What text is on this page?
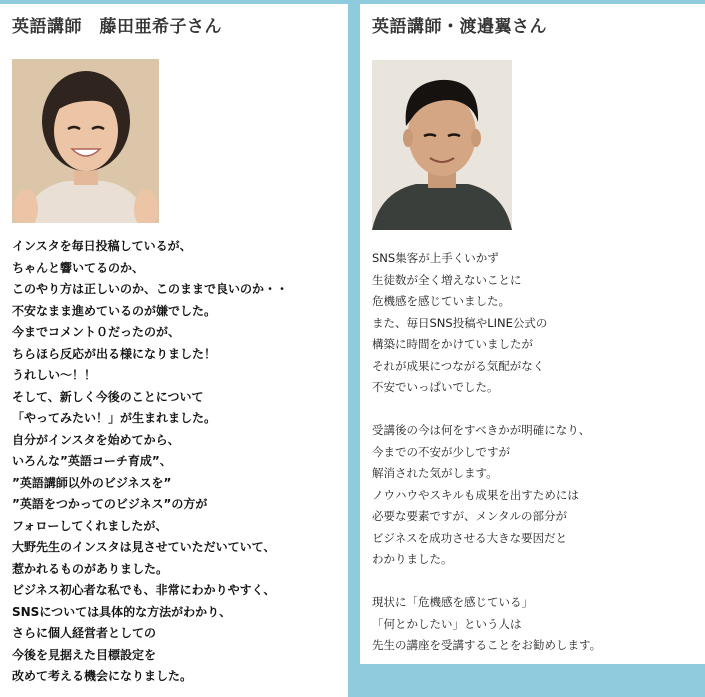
英語講師　藤田亜希子さん

インスタを毎日投稿しているが、
ちゃんと響いてるのか、
このやり方は正しいのか、このままで良いのか・・
不安なまま進めているのが嫌でした。
今までコメント０だったのが、
ちらほら反応が出る様になりました！
うれしい～！！
そして、新しく今後のことについて
「やってみたい！」が生まれました。
自分がインスタを始めてから、
いろんな”英語コーチ育成”、
”英語講師以外のビジネスを”
”英語をつかってのビジネス”の方が
フォローしてくれましたが、
大野先生のインスタは見させていただいていて、
惹かれるものがありました。
ビジネス初心者な私でも、非常にわかりやすく、
SNSについては具体的な方法がわかり、
さらに個人経営者としての
今後を見据えた目標設定を
改めて考える機会になりました。

英語講師・渡邉翼さん

SNS集客が上手くいかず
生徒数が全く増えないことに
危機感を感じていました。
また、毎日SNS投稿やLINE公式の
構築に時間をかけていましたが
それが成果につながる気配がなく
不安でいっぱいでした。

受講後の今は何をすべきかが明確になり、
今までの不安が少しですが
解消された気がします。
ノウハウやスキルも成果を出すためには
必要な要素ですが、メンタルの部分が
ビジネスを成功させる大きな要因だと
わかりました。

現状に「危機感を感じている」
「何とかしたい」という人は
先生の講座を受講することをお勧めします。
